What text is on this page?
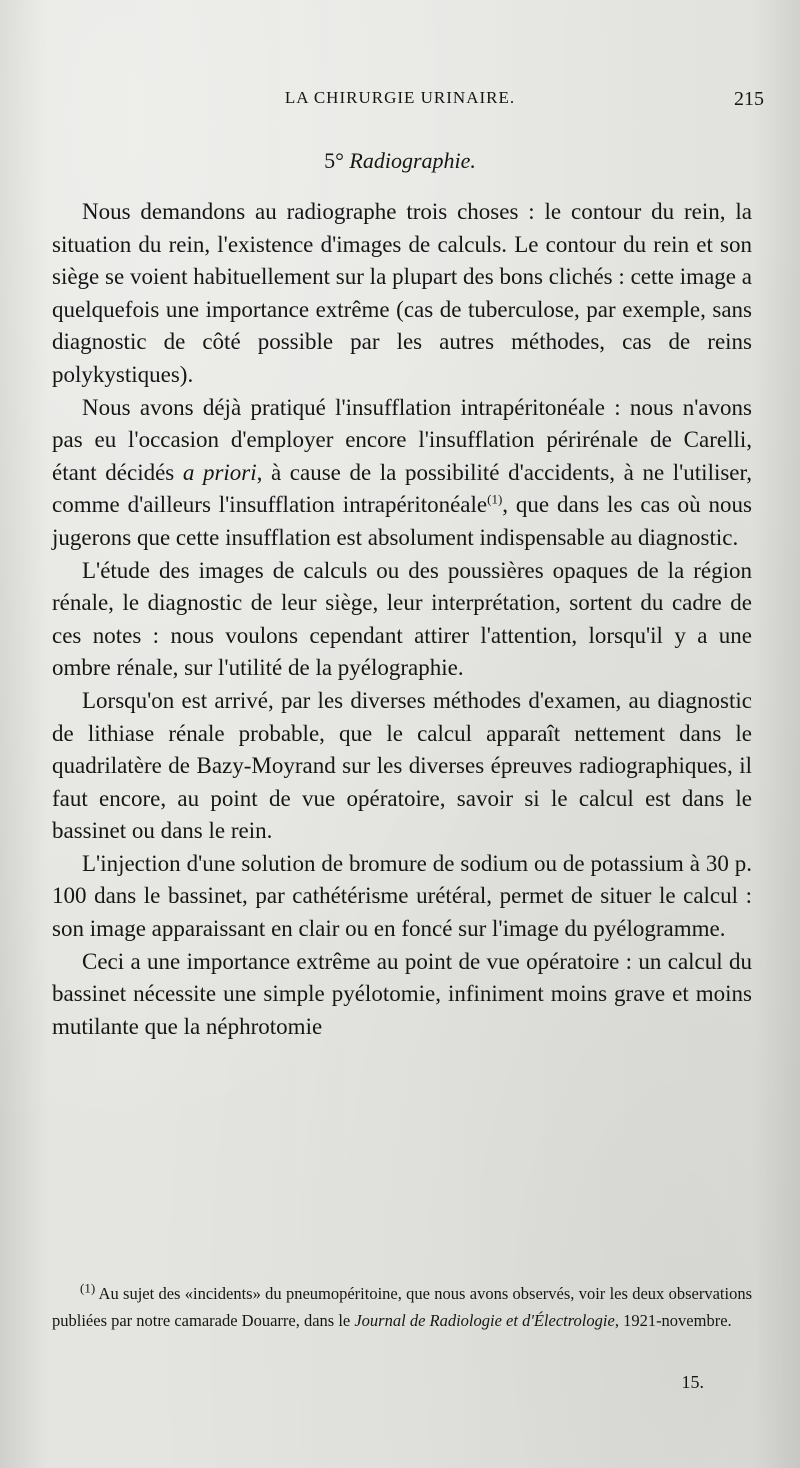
LA CHIRURGIE URINAIRE.	215
5° Radiographie.

Nous demandons au radiographe trois choses : le contour du rein, la situation du rein, l'existence d'images de calculs. Le contour du rein et son siège se voient habituellement sur la plupart des bons clichés : cette image a quelquefois une importance extrême (cas de tuberculose, par exemple, sans diagnostic de côté possible par les autres méthodes, cas de reins polykystiques).

Nous avons déjà pratiqué l'insufflation intrapéritonéale : nous n'avons pas eu l'occasion d'employer encore l'insufflation périrénale de Carelli, étant décidés a priori, à cause de la possibilité d'accidents, à ne l'utiliser, comme d'ailleurs l'insufflation intrapéritonéale$^{(1)}$, que dans les cas où nous jugerons que cette insufflation est absolument indispensable au diagnostic.

L'étude des images de calculs ou des poussières opaques de la région rénale, le diagnostic de leur siège, leur interprétation, sortent du cadre de ces notes : nous voulons cependant attirer l'attention, lorsqu'il y a une ombre rénale, sur l'utilité de la pyélographie.

Lorsqu'on est arrivé, par les diverses méthodes d'examen, au diagnostic de lithiase rénale probable, que le calcul apparaît nettement dans le quadrilatère de Bazy-Moyrand sur les diverses épreuves radiographiques, il faut encore, au point de vue opératoire, savoir si le calcul est dans le bassinet ou dans le rein.

L'injection d'une solution de bromure de sodium ou de potassium à 30 p. 100 dans le bassinet, par cathétérisme urétéral, permet de situer le calcul : son image apparaissant en clair ou en foncé sur l'image du pyélogramme.

Ceci a une importance extrême au point de vue opératoire : un calcul du bassinet nécessite une simple pyélotomie, infiniment moins grave et moins mutilante que la néphrotomie

$^{(1)}$ Au sujet des «incidents» du pneumopéritoine, que nous avons observés, voir les deux observations publiées par notre camarade Douarre, dans le Journal de Radiologie et d'Électrologie, 1921-novembre.

15.
